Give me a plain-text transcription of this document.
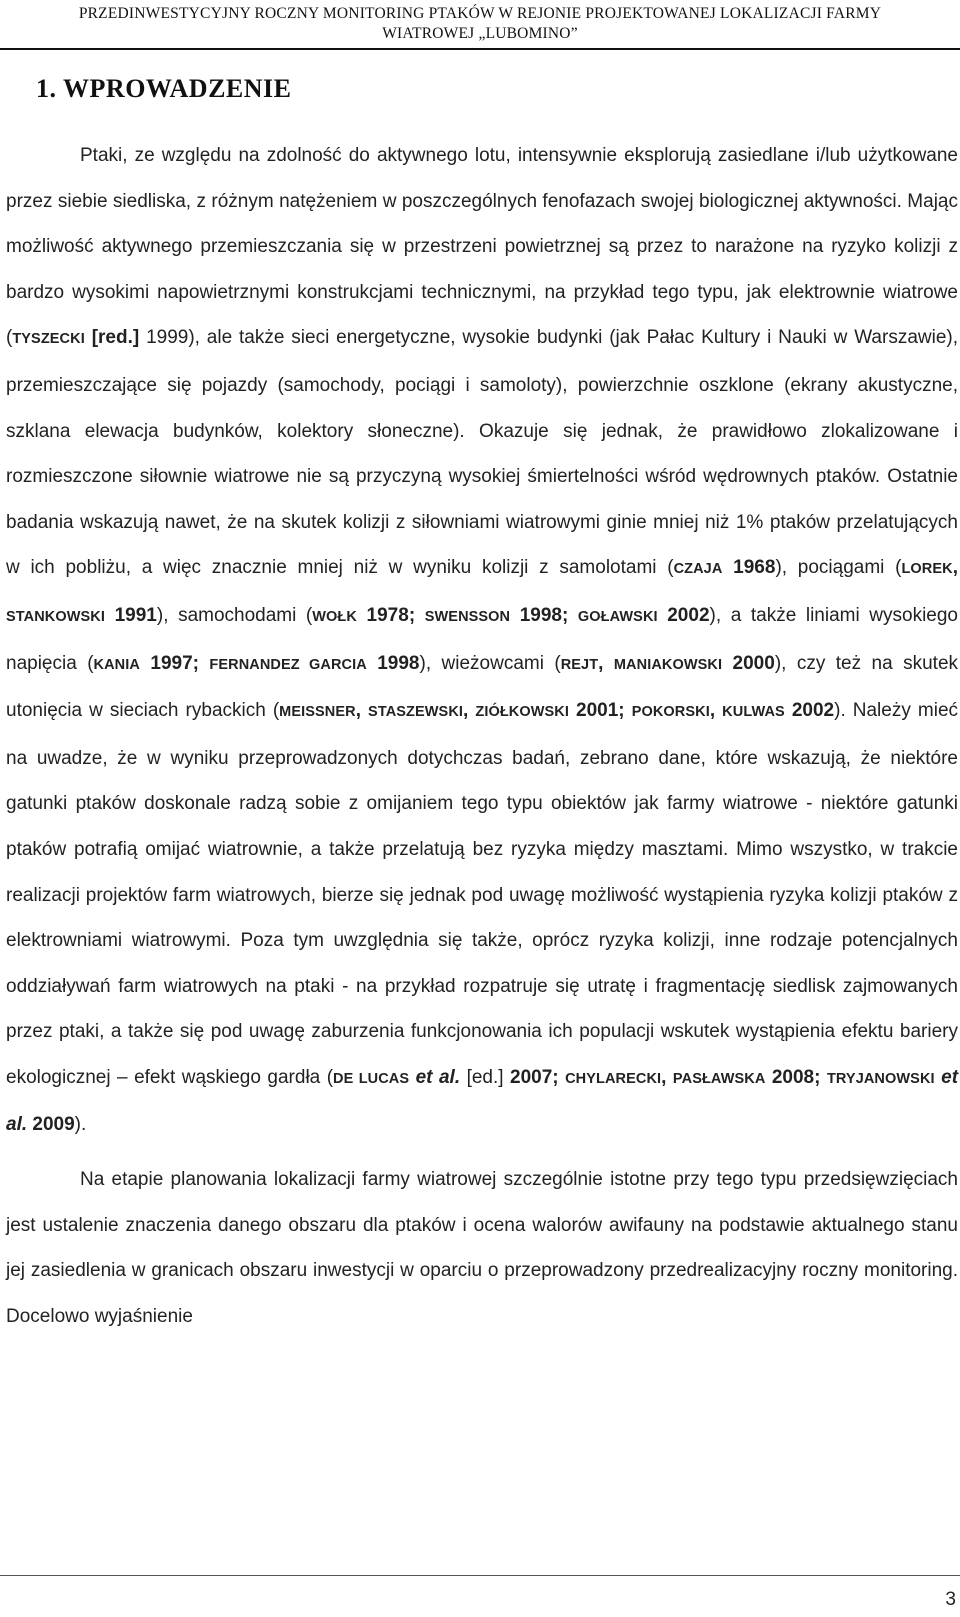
PRZEDINWESTYCYJNY ROCZNY MONITORING PTAKÓW W REJONIE PROJEKTOWANEJ LOKALIZACJI FARMY
WIATROWEJ „LUBOMINO”
1. WPROWADZENIE

Ptaki, ze względu na zdolność do aktywnego lotu, intensywnie eksplorują zasiedlane i/lub użytkowane przez siebie siedliska, z różnym natężeniem w poszczególnych fenofazach swojej biologicznej aktywności. Mając możliwość aktywnego przemieszczania się w przestrzeni powietrznej są przez to narażone na ryzyko kolizji z bardzo wysokimi napowietrznymi konstrukcjami technicznymi, na przykład tego typu, jak elektrownie wiatrowe (TYSZECKI [red.] 1999), ale także sieci energetyczne, wysokie budynki (jak Pałac Kultury i Nauki w Warszawie), przemieszczające się pojazdy (samochody, pociągi i samoloty), powierzchnie oszklone (ekrany akustyczne, szklana elewacja budynków, kolektory słoneczne). Okazuje się jednak, że prawidłowo zlokalizowane i rozmieszczone siłownie wiatrowe nie są przyczyną wysokiej śmiertelności wśród wędrownych ptaków. Ostatnie badania wskazują nawet, że na skutek kolizji z siłowniami wiatrowymi ginie mniej niż 1% ptaków przelatujących w ich pobliżu, a więc znacznie mniej niż w wyniku kolizji z samolotami (CZAJA 1968), pociągami (LOREK, STANKOWSKI 1991), samochodami (WOŁK 1978; SWENSSON 1998; GOŁAWSKI 2002), a także liniami wysokiego napięcia (KANIA 1997; FERNANDEZ GARCIA 1998), wieżowcami (REJT, MANIAKOWSKI 2000), czy też na skutek utonięcia w sieciach rybackich (MEISSNER, STASZEWSKI, ZIÓŁKOWSKI 2001; POKORSKI, KULWAS 2002). Należy mieć na uwadze, że w wyniku przeprowadzonych dotychczas badań, zebrano dane, które wskazują, że niektóre gatunki ptaków doskonale radzą sobie z omijaniem tego typu obiektów jak farmy wiatrowe - niektóre gatunki ptaków potrafią omijać wiatrownie, a także przelatują bez ryzyka między masztami. Mimo wszystko, w trakcie realizacji projektów farm wiatrowych, bierze się jednak pod uwagę możliwość wystąpienia ryzyka kolizji ptaków z elektrowniami wiatrowymi. Poza tym uwzględnia się także, oprócz ryzyka kolizji, inne rodzaje potencjalnych oddziaływań farm wiatrowych na ptaki - na przykład rozpatruje się utratę i fragmentację siedlisk zajmowanych przez ptaki, a także się pod uwagę zaburzenia funkcjonowania ich populacji wskutek wystąpienia efektu bariery ekologicznej – efekt wąskiego gardła (DE LUCAS et al. [ed.] 2007; CHYLARECKI, PASŁAWSKA 2008; TRYJANOWSKI et al. 2009).

Na etapie planowania lokalizacji farmy wiatrowej szczególnie istotne przy tego typu przedsięwzięciach jest ustalenie znaczenia danego obszaru dla ptaków i ocena walorów awifauny na podstawie aktualnego stanu jej zasiedlenia w granicach obszaru inwestycji w oparciu o przeprowadzony przedrealizacyjny roczny monitoring. Docelowo wyjaśnienie

3
